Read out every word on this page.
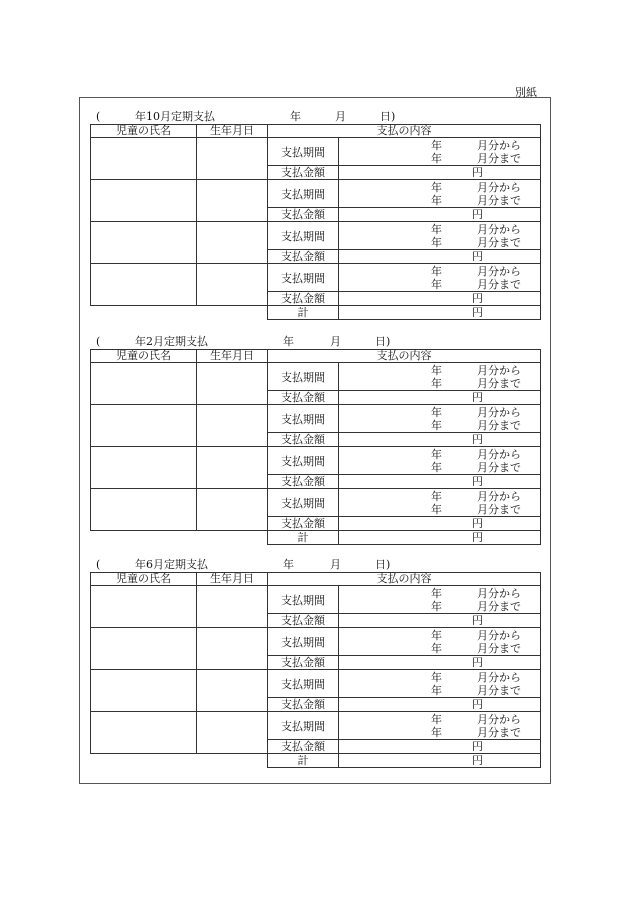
別紙
(	年10月定期支払	年	月	日)
児童の氏名	生年月日	支払の内容	
		支払期間	年 月分から
年 月分まで

		支払金額	円
		支払期間	年 月分から
年 月分まで

		支払金額	円
		支払期間	年 月分から
年 月分まで

		支払金額	円
		支払期間	年 月分から
年 月分まで

		支払金額	円
		計	円
(	年2月定期支払	年	月	日)
児童の氏名	生年月日	支払の内容	
		支払期間	年 月分から
年 月分まで

		支払金額	円
		支払期間	年 月分から
年 月分まで

		支払金額	円
		支払期間	年 月分から
年 月分まで

		支払金額	円
		支払期間	年 月分から
年 月分まで

		支払金額	円
		計	円
(	年6月定期支払	年	月	日)
児童の氏名	生年月日	支払の内容	
		支払期間	年 月分から
年 月分まで

		支払金額	円
		支払期間	年 月分から
年 月分まで

		支払金額	円
		支払期間	年 月分から
年 月分まで

		支払金額	円
		支払期間	年 月分から
年 月分まで

		支払金額	円
		計	円
